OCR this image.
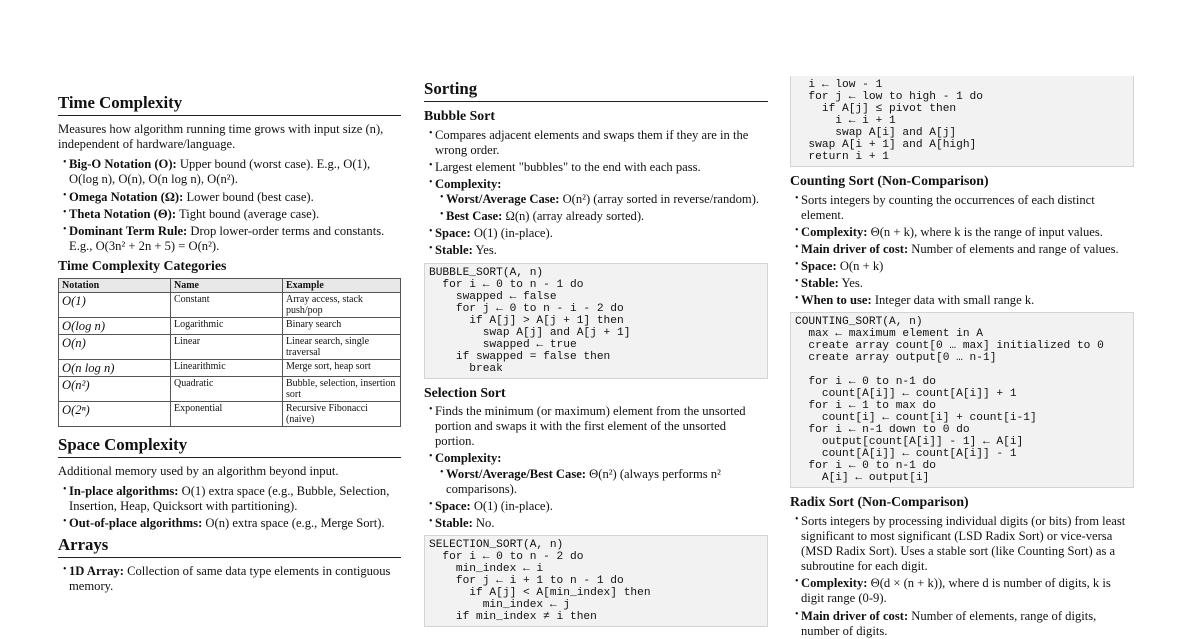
Time Complexity

Measures how algorithm running time grows with input size (n), independent of hardware/language.

• Big-O Notation (O): Upper bound (worst case). E.g., O(1), O(log n), O(n), O(n log n), O(n²).
• Omega Notation (Ω): Lower bound (best case).
• Theta Notation (Θ): Tight bound (average case).
• Dominant Term Rule: Drop lower-order terms and constants. E.g., O(3n² + 2n + 5) = O(n²).
Time Complexity Categories
Notation	Name	Example
O(1)	Constant	Array access, stack push/pop
O(log n)	Logarithmic	Binary search
O(n)	Linear	Linear search, single traversal
O(n log n)	Linearithmic	Merge sort, heap sort
O(n²)	Quadratic	Bubble, selection, insertion sort
O(2ⁿ)	Exponential	Recursive Fibonacci (naive)
Space Complexity

Additional memory used by an algorithm beyond input.

• In-place algorithms: O(1) extra space (e.g., Bubble, Selection, Insertion, Heap, Quicksort with partitioning).
• Out-of-place algorithms: O(n) extra space (e.g., Merge Sort).
Arrays
• 1D Array: Collection of same data type elements in contiguous memory.
Sorting
Bubble Sort
• Compares adjacent elements and swaps them if they are in the wrong order.
• Largest element "bubbles" to the end with each pass.
• Complexity:
• Worst/Average Case: O(n²) (array sorted in reverse/random).
• Best Case: Ω(n) (array already sorted).
• Space: O(1) (in-place).
• Stable: Yes.
BUBBLE_SORT(A, n)
for i ← 0 to n - 1 do
swapped ← false
for j ← 0 to n - i - 2 do
if A[j] > A[j + 1] then
swap A[j] and A[j + 1]
swapped ← true
if swapped = false then
break
Selection Sort
• Finds the minimum (or maximum) element from the unsorted portion and swaps it with the first element of the unsorted portion.
• Complexity:
• Worst/Average/Best Case: Θ(n²) (always performs n² comparisons).
• Space: O(1) (in-place).
• Stable: No.
SELECTION_SORT(A, n)
for i ← 0 to n - 2 do
min_index ← i
for j ← i + 1 to n - 1 do
if A[j] < A[min_index] then
min_index ← j
if min_index ≠ i then
i ← low - 1
for j ← low to high - 1 do
if A[j] ≤ pivot then
i ← i + 1
swap A[i] and A[j]
swap A[i + 1] and A[high]
return i + 1
Counting Sort (Non-Comparison)
• Sorts integers by counting the occurrences of each distinct element.
• Complexity: Θ(n + k), where k is the range of input values.
• Main driver of cost: Number of elements and range of values.
• Space: O(n + k)
• Stable: Yes.
• When to use: Integer data with small range k.
COUNTING_SORT(A, n)
max ← maximum element in A
create array count[0 … max] initialized to 0
create array output[0 … n-1]

for i ← 0 to n-1 do
count[A[i]] ← count[A[i]] + 1
for i ← 1 to max do
count[i] ← count[i] + count[i-1]
for i ← n-1 down to 0 do
output[count[A[i]] - 1] ← A[i]
count[A[i]] ← count[A[i]] - 1
for i ← 0 to n-1 do
A[i] ← output[i]
Radix Sort (Non-Comparison)
• Sorts integers by processing individual digits (or bits) from least significant to most significant (LSD Radix Sort) or vice-versa (MSD Radix Sort). Uses a stable sort (like Counting Sort) as a subroutine for each digit.
• Complexity: Θ(d × (n + k)), where d is number of digits, k is digit range (0-9).
• Main driver of cost: Number of elements, range of digits, number of digits.
